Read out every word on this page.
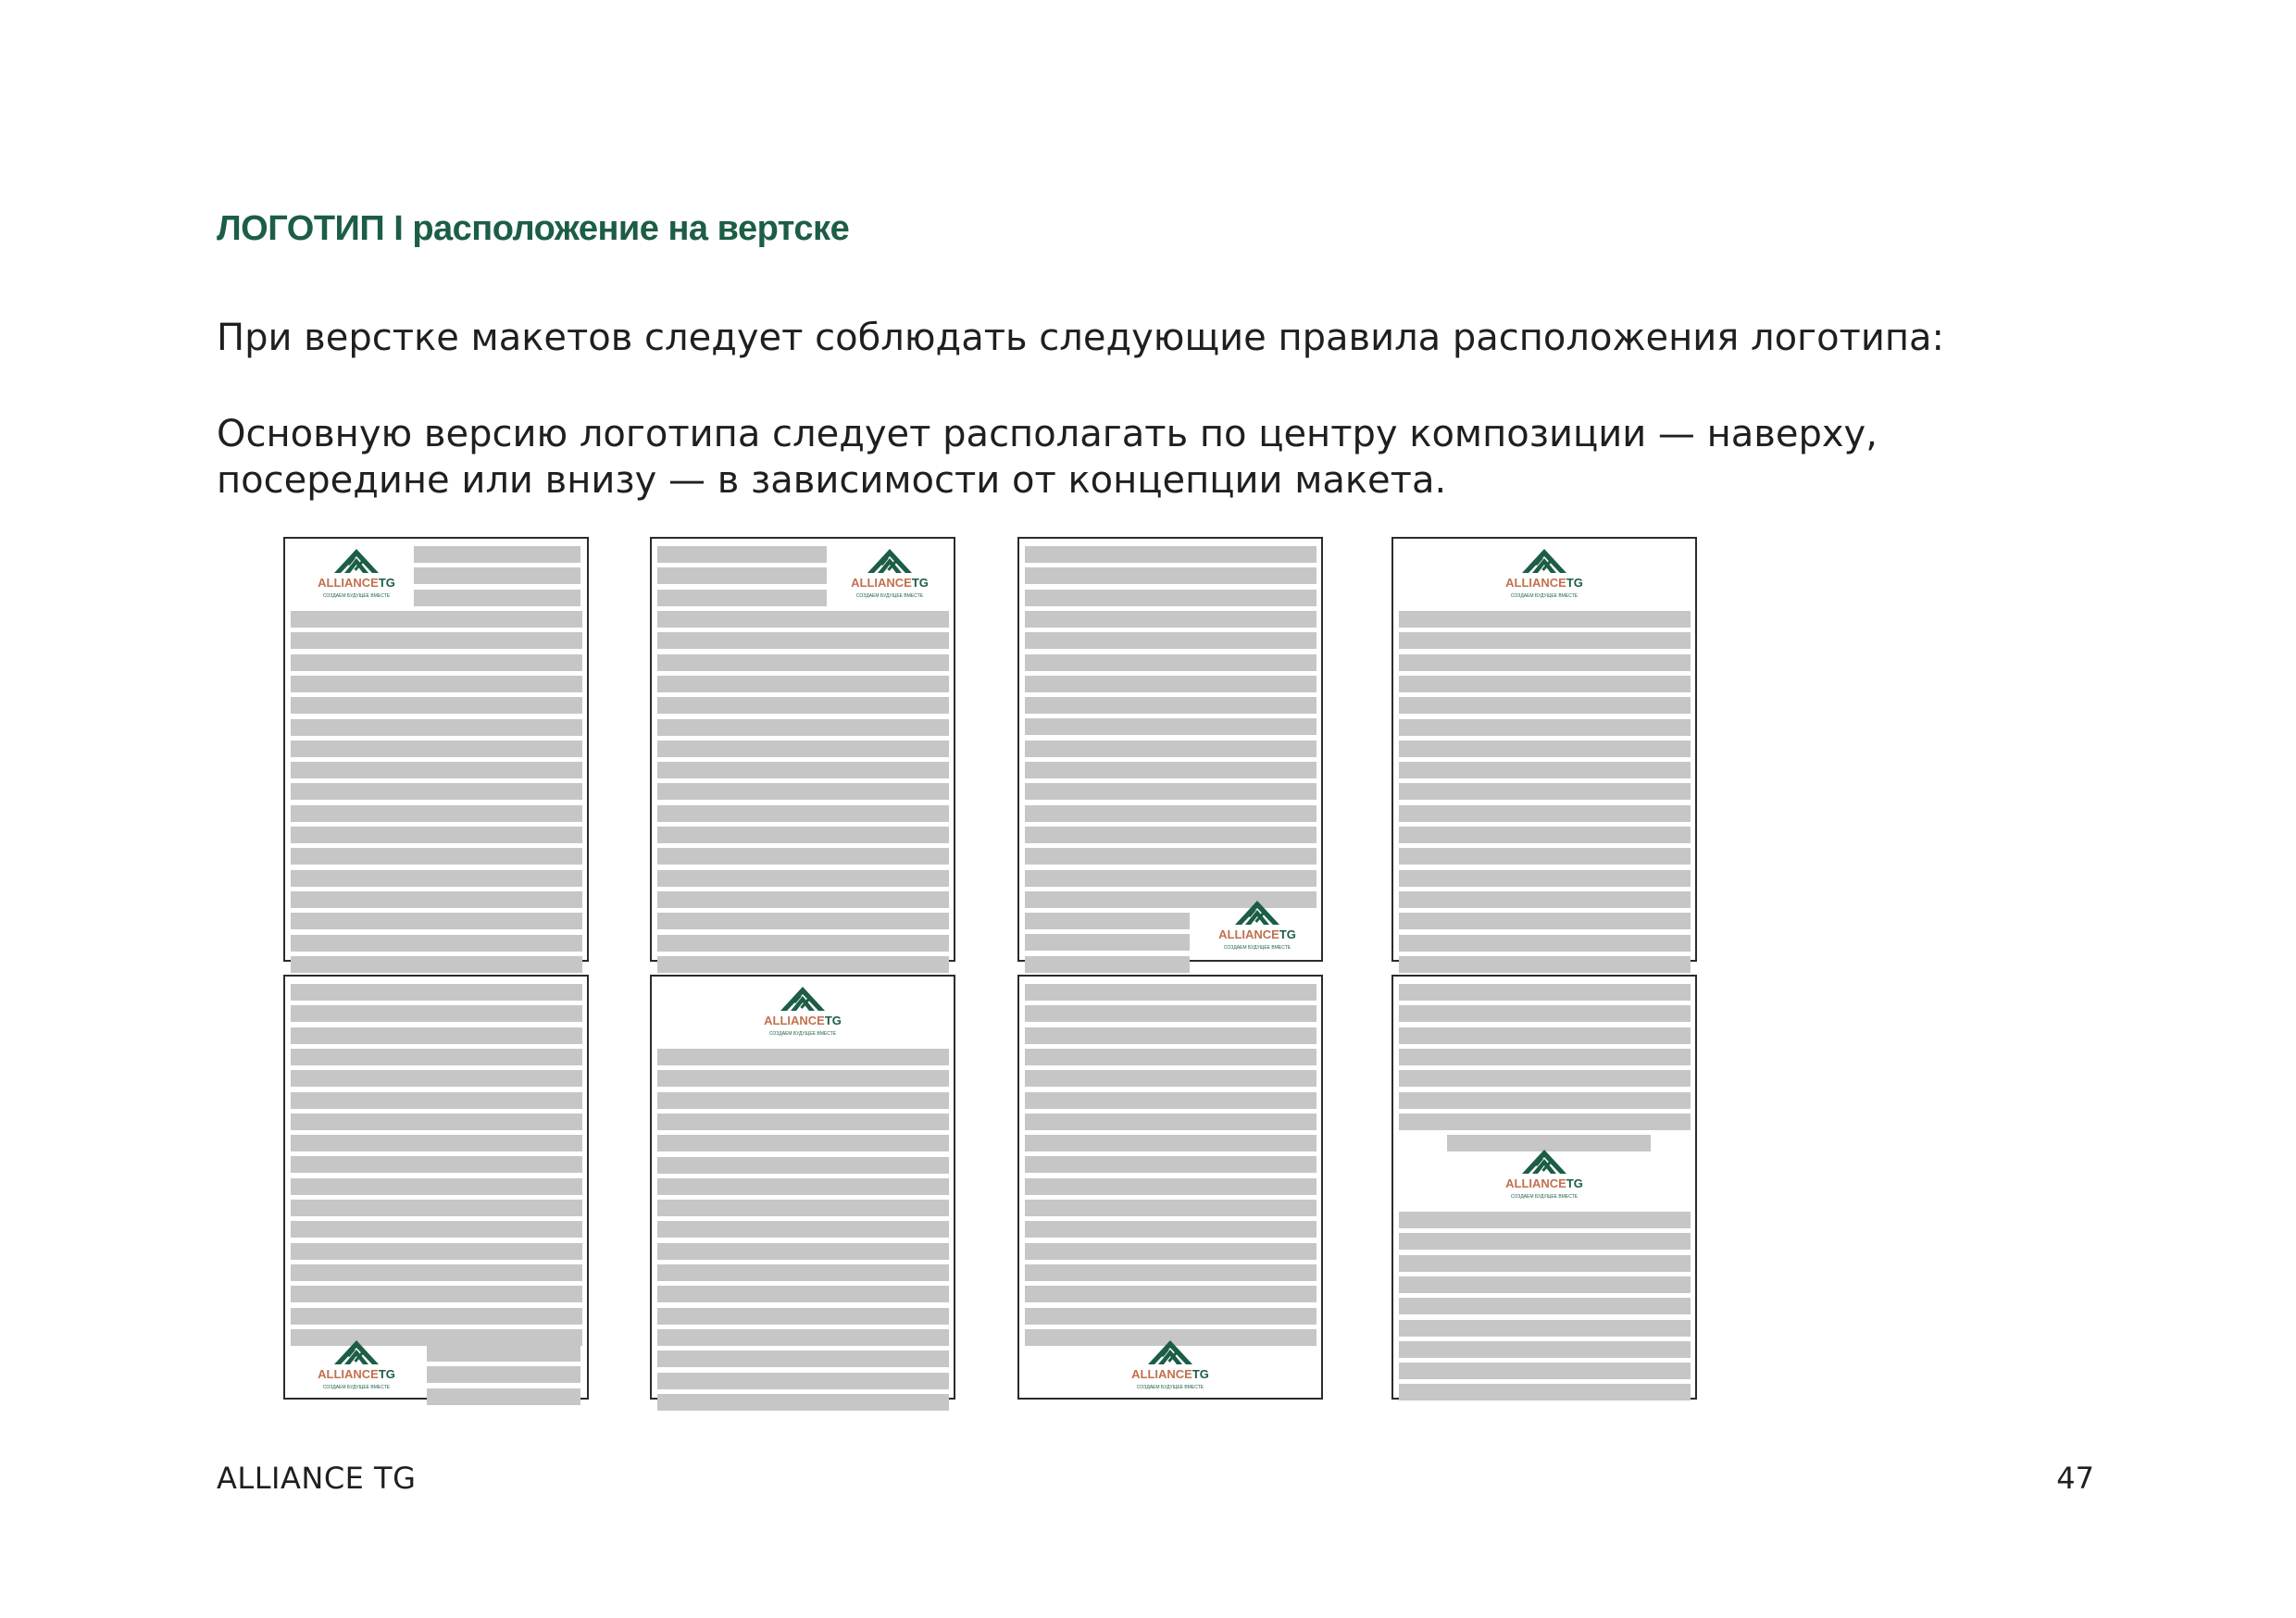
ЛОГОТИП I расположение на вертске
При верстке макетов следует соблюдать следующие правила расположения логотипа:
Основную версию логотипа следует располагать по центру композиции — наверху, посередине или внизу — в зависимости от концепции макета.
ALLIANCETG
СОЗДАЕМ БУДУЩЕЕ ВМЕСТЕ
ALLIANCETG
СОЗДАЕМ БУДУЩЕЕ ВМЕСТЕ
ALLIANCETG
СОЗДАЕМ БУДУЩЕЕ ВМЕСТЕ
ALLIANCETG
СОЗДАЕМ БУДУЩЕЕ ВМЕСТЕ
ALLIANCETG
СОЗДАЕМ БУДУЩЕЕ ВМЕСТЕ
ALLIANCETG
СОЗДАЕМ БУДУЩЕЕ ВМЕСТЕ
ALLIANCETG
СОЗДАЕМ БУДУЩЕЕ ВМЕСТЕ
ALLIANCETG
СОЗДАЕМ БУДУЩЕЕ ВМЕСТЕ
ALLIANCE TG	47
